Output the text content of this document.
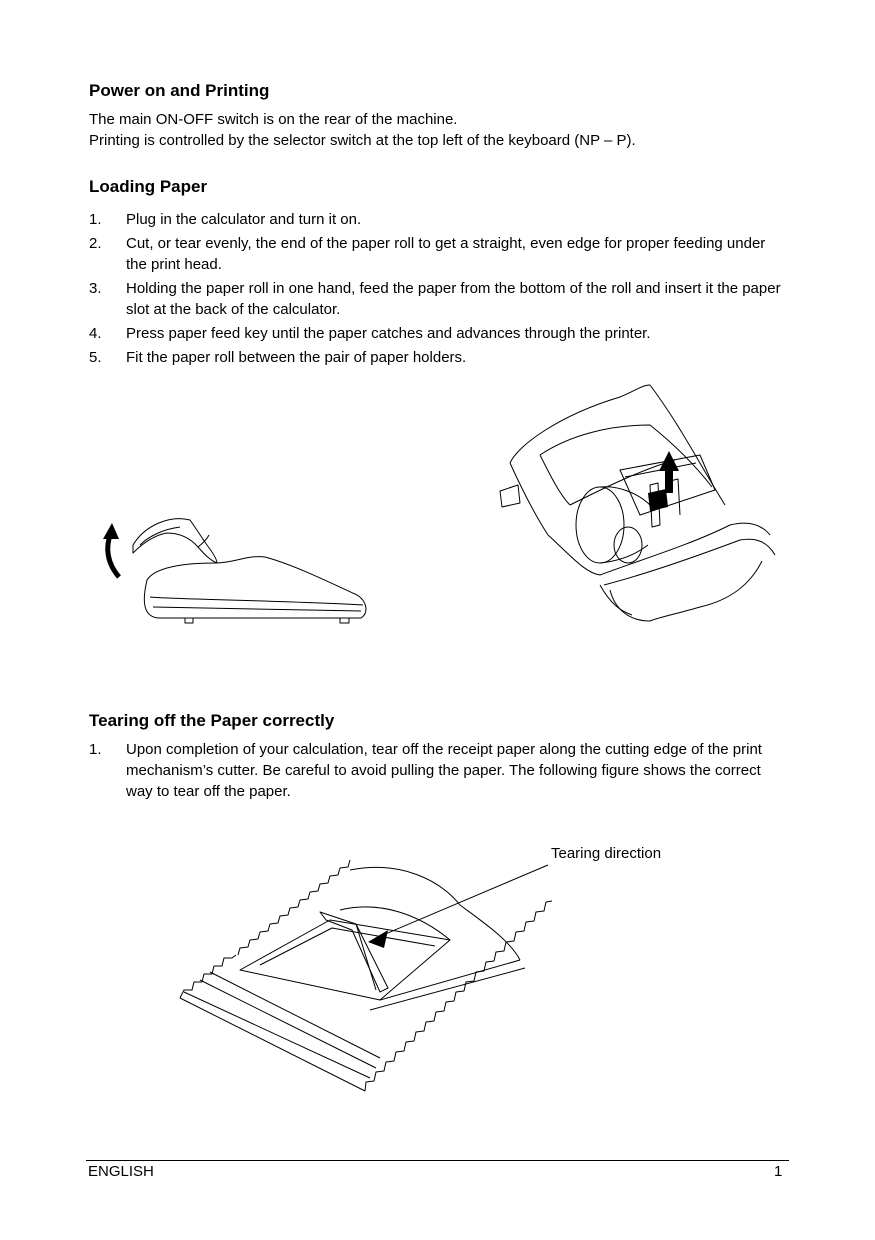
Power on and Printing

The main ON-OFF switch is on the rear of the machine.

Printing is controlled by the selector switch at the top left of the keyboard (NP – P).

Loading Paper
1. Plug in the calculator and turn it on.
2. Cut, or tear evenly, the end of the paper roll to get a straight, even edge for proper feeding under the print head.
3. Holding the paper roll in one hand, feed the paper from the bottom of the roll and insert it the paper slot at the back of the calculator.
4. Press paper feed key until the paper catches and advances through the printer.
5. Fit the paper roll between the pair of paper holders.
Tearing off the Paper correctly
1. Upon completion of your calculation, tear off the receipt paper along the cutting edge of the print mechanism’s cutter. Be careful to avoid pulling the paper. The following figure shows the correct way to tear off the paper.
Tearing direction
ENGLISH	1
